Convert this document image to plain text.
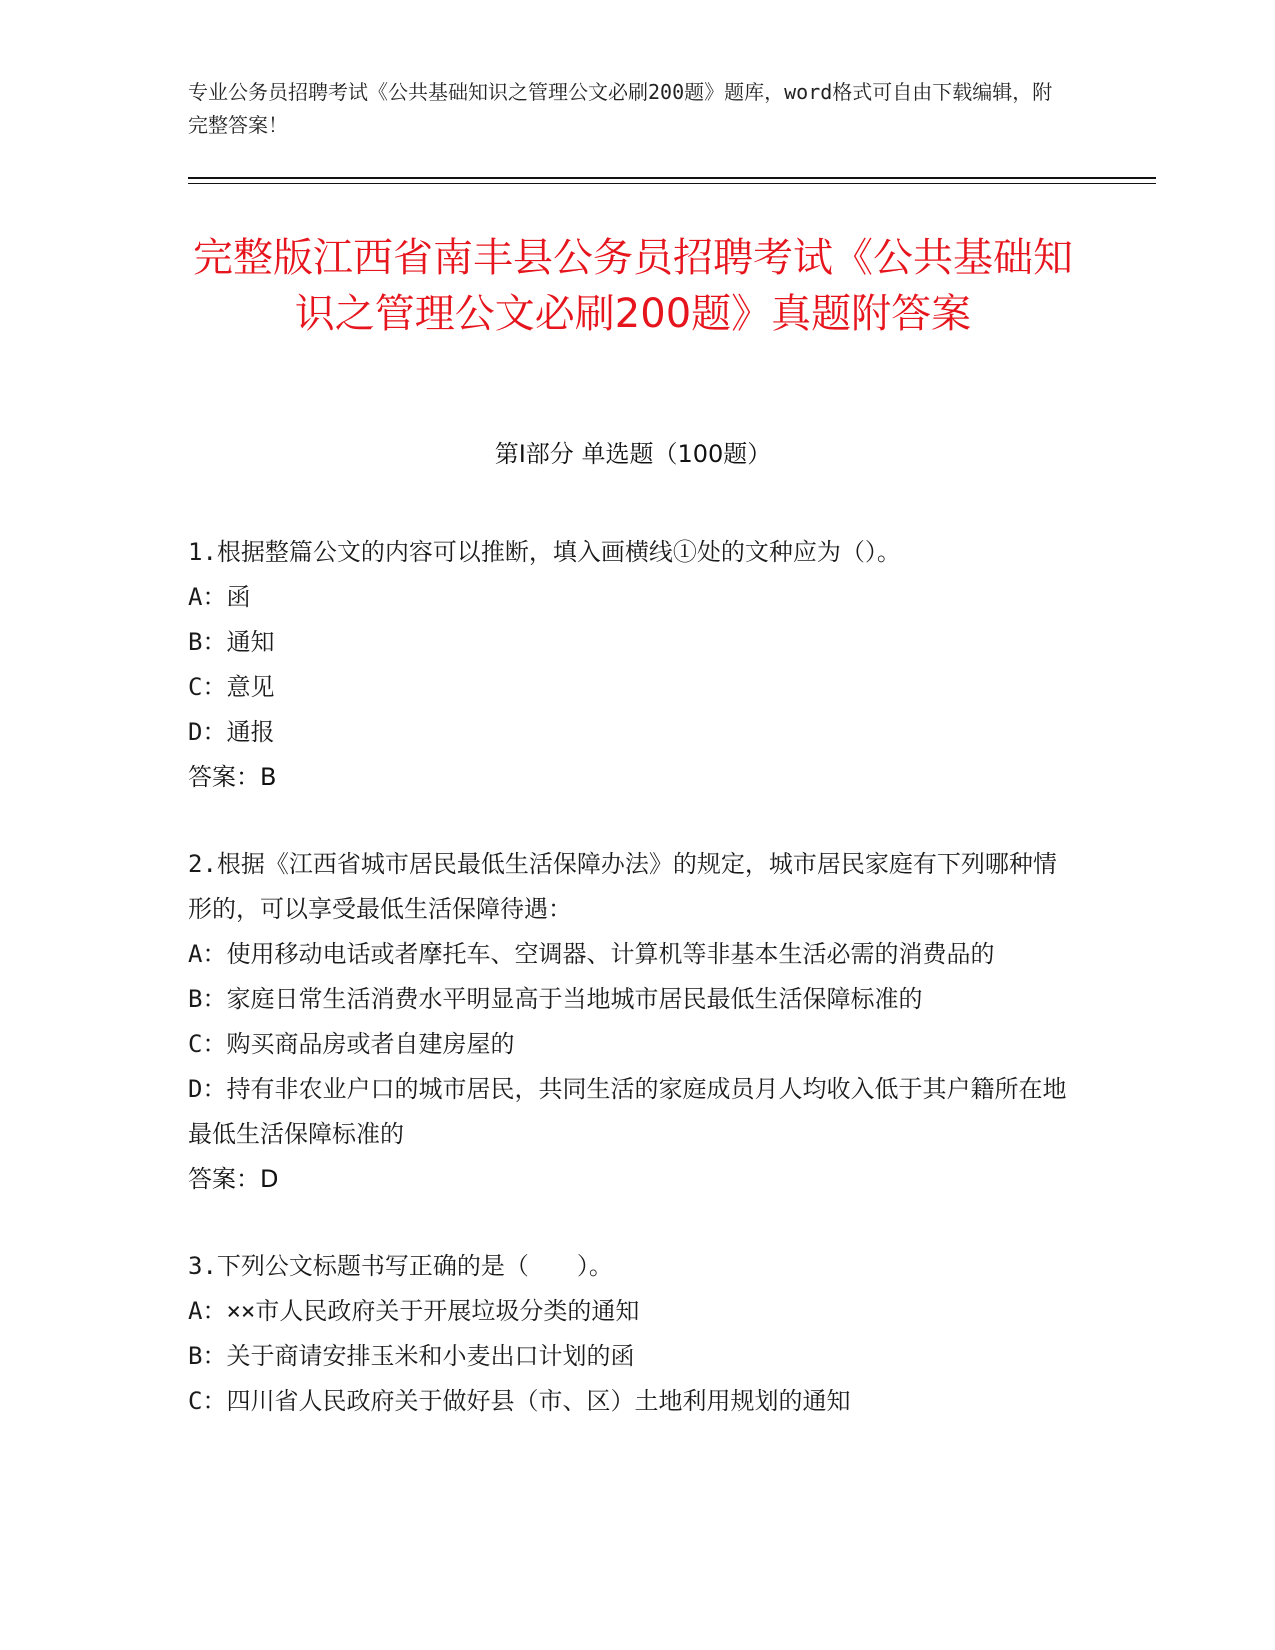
专业公务员招聘考试《公共基础知识之管理公文必刷200题》题库，word格式可自由下载编辑，附完整答案！
完整版江西省南丰县公务员招聘考试《公共基础知识之管理公文必刷200题》真题附答案
第Ⅰ部分 单选题（100题）

1.根据整篇公文的内容可以推断，填入画横线①处的文种应为（）。

A：函

B：通知

C：意见

D：通报

答案：B

2.根据《江西省城市居民最低生活保障办法》的规定，城市居民家庭有下列哪种情形的，可以享受最低生活保障待遇：

A：使用移动电话或者摩托车、空调器、计算机等非基本生活必需的消费品的

B：家庭日常生活消费水平明显高于当地城市居民最低生活保障标准的

C：购买商品房或者自建房屋的

D：持有非农业户口的城市居民，共同生活的家庭成员月人均收入低于其户籍所在地最低生活保障标准的

答案：D

3.下列公文标题书写正确的是（　　）。

A：××市人民政府关于开展垃圾分类的通知

B：关于商请安排玉米和小麦出口计划的函

C：四川省人民政府关于做好县（市、区）土地利用规划的通知
